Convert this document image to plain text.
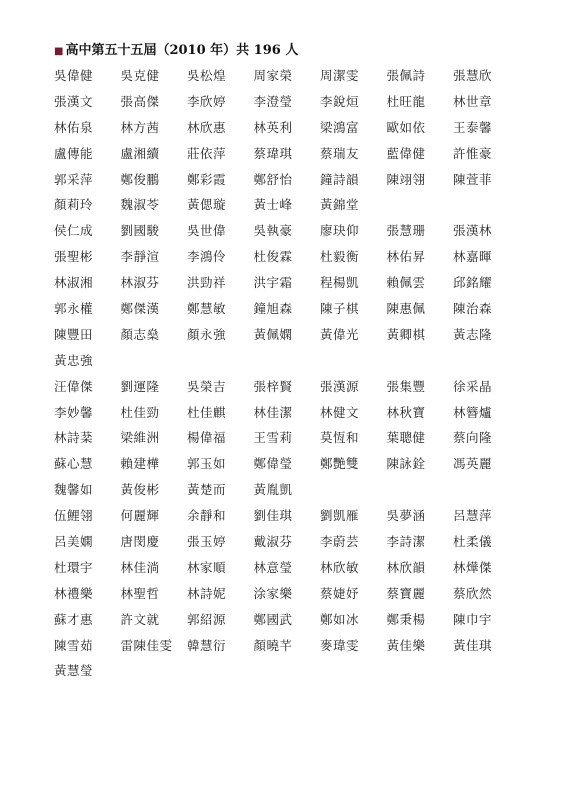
■ 高中第五十五屆（2010 年）共 196 人
吳偉健	吳克健	吳松煌	周家榮	周潔雯	張佩詩	張慧欣
張漢文	張高傑	李欣婷	李澄瑩	李銳烜	杜旺龍	林世章
林佑泉	林方茜	林欣惠	林英利	梁鴻富	歐如依	王泰馨
盧傳能	盧湘續	莊依萍	蔡瑋琪	蔡瑞友	藍偉健	許惟豪
郭采萍	鄭俊鵬	鄭彩霞	鄭舒怡	鐘詩韻	陳翊翎	陳萱菲
顏莉玲	魏淑苓	黃偲璇	黃士峰	黃錦堂
侯仁成	劉國駿	吳世偉	吳執豪	廖玦仰	張慧珊	張漢林
張聖彬	李靜渲	李鴻伶	杜俊霖	杜毅衡	林佑昇	林嘉暉
林淑湘	林淑芬	洪勁祥	洪宇霜	程楊凱	賴佩雲	邱銘耀
郭永權	鄭傑漢	鄭慧敏	鐘旭森	陳子棋	陳惠佩	陳治森
陳豐田	顏志燊	顏永強	黃佩嫻	黃偉光	黃卿棋	黃志隆
黃忠強
汪偉傑	劉運隆	吳榮吉	張梓賢	張漢源	張集豐	徐采晶
李妙馨	杜佳勁	杜佳麒	林佳潔	林健文	林秋寶	林簪爐
林詩棻	梁維洲	楊偉福	王雪莉	莫恆和	葉聰健	蔡向隆
蘇心慧	賴建樺	郭玉如	鄭偉瑩	鄭艷雙	陳詠銓	馮英麗
魏馨如	黃俊彬	黃楚而	黃胤凱
伍鯉翎	何麗輝	余靜和	劉佳琪	劉凱雁	吳夢涵	呂慧萍
呂美嫻	唐閔慶	張玉婷	戴淑芬	李蔚芸	李詩潔	杜柔儀
杜環宇	林佳淌	林家順	林意瑩	林欣敏	林欣韻	林燁傑
林禮樂	林聖哲	林詩妮	涂家樂	蔡婕妤	蔡寶麗	蔡欣然
蘇才惠	許文就	郭紹源	鄭國武	鄭如冰	鄭秉楊	陳巾宇
陳雪茹	雷陳佳雯	韓慧衍	顏曉芊	麥瑋雯	黃佳樂	黃佳琪
黃慧瑩
